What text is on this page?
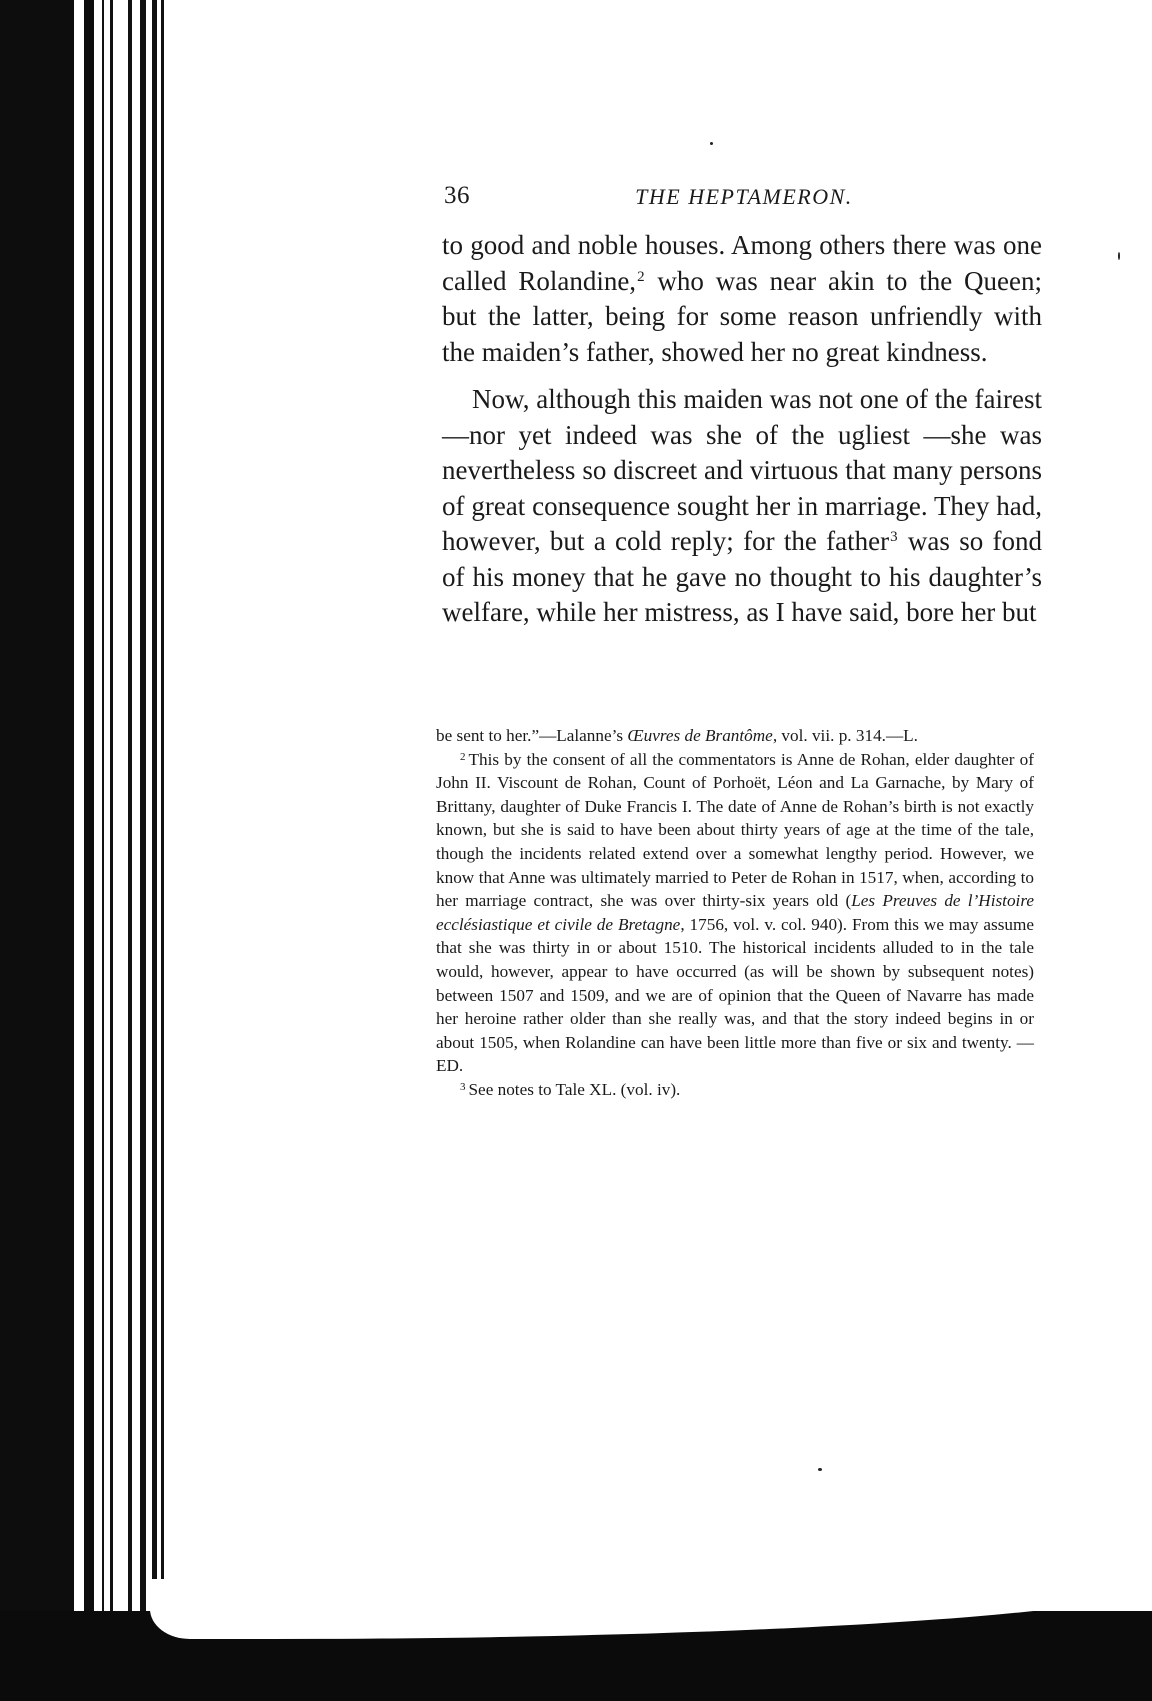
36	THE HEPTAMERON.

to good and noble houses. Among others there was one called Rolandine,$^2$ who was near akin to the Queen; but the latter, being for some reason unfriendly with the maiden’s father, showed her no great kindness.

Now, although this maiden was not one of the fairest—nor yet indeed was she of the ugliest —she was nevertheless so discreet and virtuous that many persons of great consequence sought her in marriage. They had, however, but a cold reply; for the father$^3$ was so fond of his money that he gave no thought to his daughter’s welfare, while her mistress, as I have said, bore her but

be sent to her.”—Lalanne’s Œuvres de Brantôme, vol. vii. p. 314.—L.

$^2$ This by the consent of all the commentators is Anne de Rohan, elder daughter of John II. Viscount de Rohan, Count of Porhoët, Léon and La Garnache, by Mary of Brittany, daughter of Duke Francis I. The date of Anne de Rohan’s birth is not exactly known, but she is said to have been about thirty years of age at the time of the tale, though the incidents related extend over a somewhat lengthy period. However, we know that Anne was ultimately married to Peter de Rohan in 1517, when, according to her marriage contract, she was over thirty-six years old (Les Preuves de l’Histoire ecclésiastique et civile de Bretagne, 1756, vol. v. col. 940). From this we may assume that she was thirty in or about 1510. The historical incidents alluded to in the tale would, however, appear to have occurred (as will be shown by subsequent notes) between 1507 and 1509, and we are of opinion that the Queen of Navarre has made her heroine rather older than she really was, and that the story indeed begins in or about 1505, when Rolandine can have been little more than five or six and twenty. —ED.

$^3$ See notes to Tale XL. (vol. iv).
